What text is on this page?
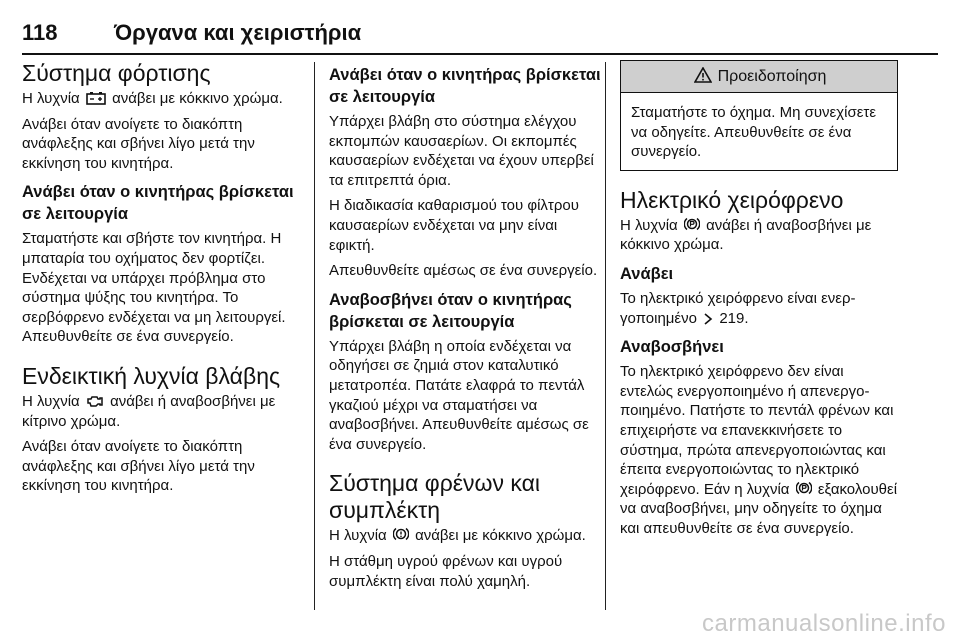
118	Όργανα και χειριστήρια
Σύστημα φόρτισης

Η λυχνία ανάβει με κόκκινο χρώμα.

Ανάβει όταν ανοίγετε το διακόπτη ανάφλεξης και σβήνει λίγο μετά την εκκίνηση του κινητήρα.

Ανάβει όταν ο κινητήρας βρίσκεται σε λειτουργία

Σταματήστε και σβήστε τον κινητήρα. Η μπαταρία του οχήματος δεν φορτίζει. Ενδέχεται να υπάρχει πρόβλημα στο σύστημα ψύξης του κινητήρα. Το σερβόφρενο ενδέχεται να μη λειτουργεί. Απευθυνθείτε σε ένα συνεργείο.

Ενδεικτική λυχνία βλάβης

Η λυχνία ανάβει ή αναβοσβήνει με κίτρινο χρώμα.

Ανάβει όταν ανοίγετε το διακόπτη ανάφλεξης και σβήνει λίγο μετά την εκκίνηση του κινητήρα.

Ανάβει όταν ο κινητήρας βρίσκεται σε λειτουργία

Υπάρχει βλάβη στο σύστημα ελέγχου εκπομπών καυσαερίων. Οι εκπομπές καυσαερίων ενδέχεται να έχουν υπερβεί τα επιτρεπτά όρια.

Η διαδικασία καθαρισμού του φίλτρου καυσαερίων ενδέχεται να μην είναι εφικτή.

Απευθυνθείτε αμέσως σε ένα συνεργείο.

Αναβοσβήνει όταν ο κινητήρας βρίσκεται σε λειτουργία

Υπάρχει βλάβη η οποία ενδέχεται να οδηγήσει σε ζημιά στον καταλυτικό μετατροπέα. Πατάτε ελαφρά το πεντάλ γκαζιού μέχρι να σταματήσει να αναβοσβήνει. Απευθυνθείτε αμέσως σε ένα συνεργείο.

Σύστημα φρένων και συμπλέκτη

Η λυχνία ανάβει με κόκκινο χρώμα.

Η στάθμη υγρού φρένων και υγρού συμπλέκτη είναι πολύ χαμηλή.

Προειδοποίηση
Σταματήστε το όχημα. Μη συνεχίσετε να οδηγείτε. Απευθυνθείτε σε ένα συνεργείο.
Ηλεκτρικό χειρόφρενο

Η λυχνία ανάβει ή αναβοσβήνει με κόκκινο χρώμα.

Ανάβει

Το ηλεκτρικό χειρόφρενο είναι ενεργοποιημένο 219.

Αναβοσβήνει

Το ηλεκτρικό χειρόφρενο δεν είναι εντελώς ενεργοποιημένο ή απενεργοποιημένο. Πατήστε το πεντάλ φρένων και επιχειρήστε να επανεκκινήσετε το σύστημα, πρώτα απενεργοποιώντας και έπειτα ενεργοποιώντας το ηλεκτρικό χειρόφρενο. Εάν η λυχνία εξακολουθεί να αναβοσβήνει, μην οδηγείτε το όχημα και απευθυνθείτε σε ένα συνεργείο.

carmanualsonline.info
